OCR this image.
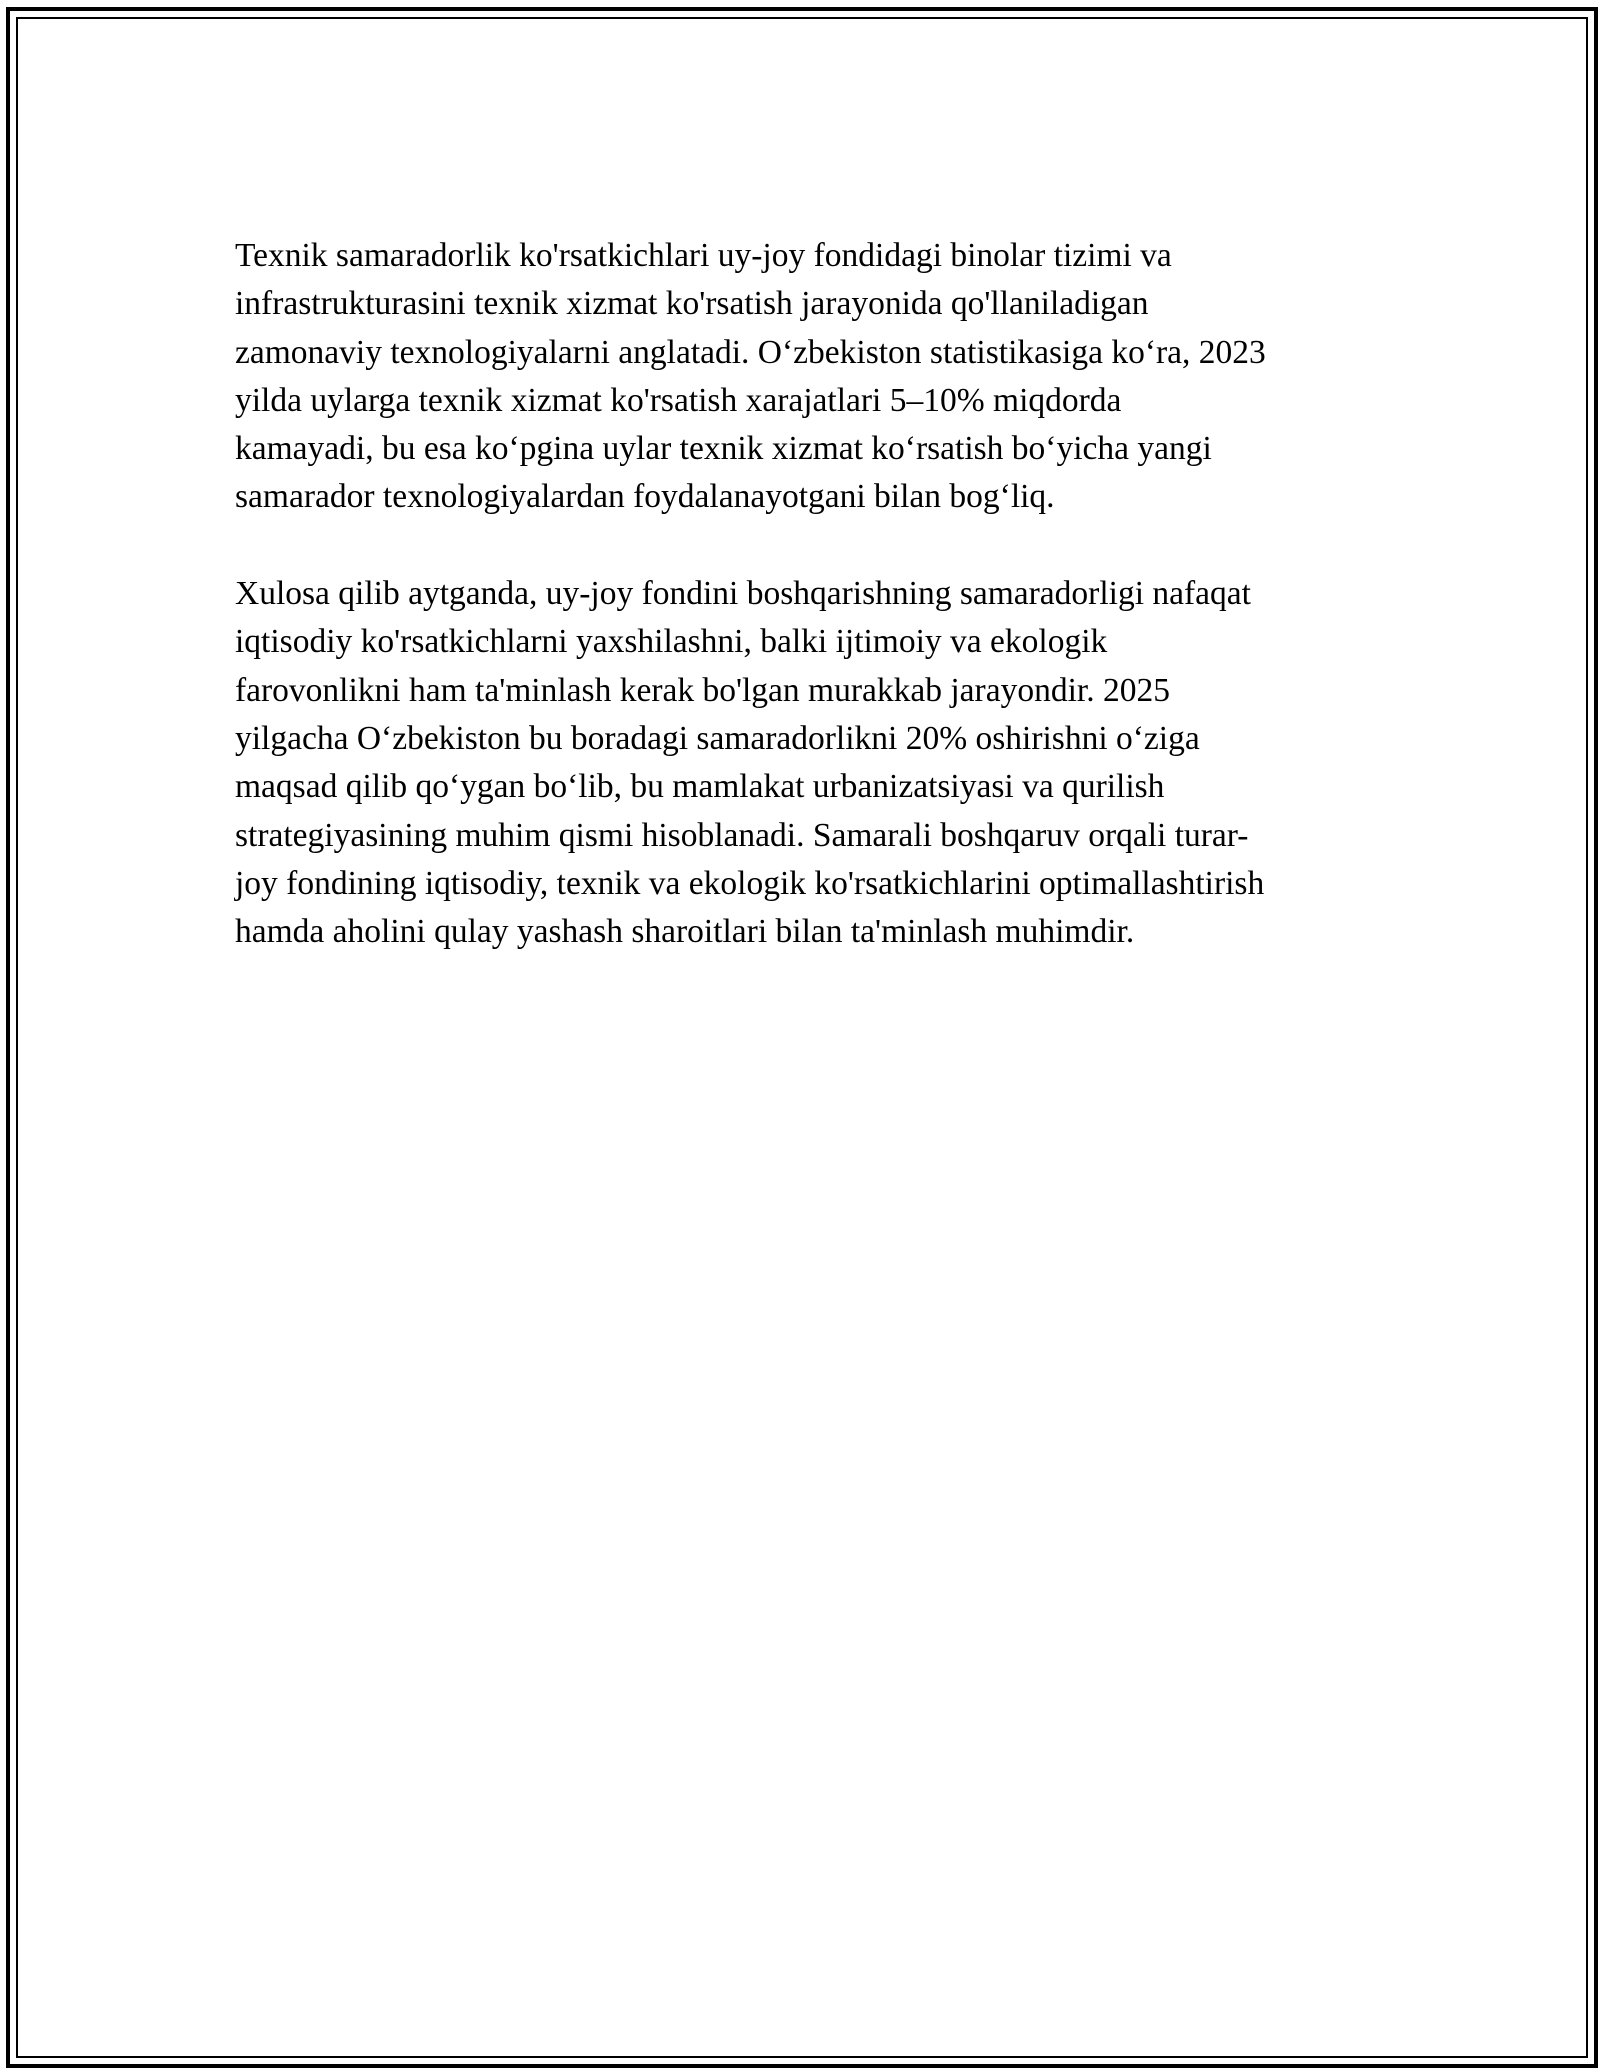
Texnik samaradorlik ko'rsatkichlari uy-joy fondidagi binolar tizimi va
infrastrukturasini texnik xizmat ko'rsatish jarayonida qo'llaniladigan
zamonaviy texnologiyalarni anglatadi. O‘zbekiston statistikasiga ko‘ra, 2023
yilda uylarga texnik xizmat ko'rsatish xarajatlari 5–10% miqdorda
kamayadi, bu esa ko‘pgina uylar texnik xizmat ko‘rsatish bo‘yicha yangi
samarador texnologiyalardan foydalanayotgani bilan bog‘liq.

Xulosa qilib aytganda, uy-joy fondini boshqarishning samaradorligi nafaqat
iqtisodiy ko'rsatkichlarni yaxshilashni, balki ijtimoiy va ekologik
farovonlikni ham ta'minlash kerak bo'lgan murakkab jarayondir. 2025
yilgacha O‘zbekiston bu boradagi samaradorlikni 20% oshirishni o‘ziga
maqsad qilib qo‘ygan bo‘lib, bu mamlakat urbanizatsiyasi va qurilish
strategiyasining muhim qismi hisoblanadi. Samarali boshqaruv orqali turar-
joy fondining iqtisodiy, texnik va ekologik ko'rsatkichlarini optimallashtirish
hamda aholini qulay yashash sharoitlari bilan ta'minlash muhimdir.
